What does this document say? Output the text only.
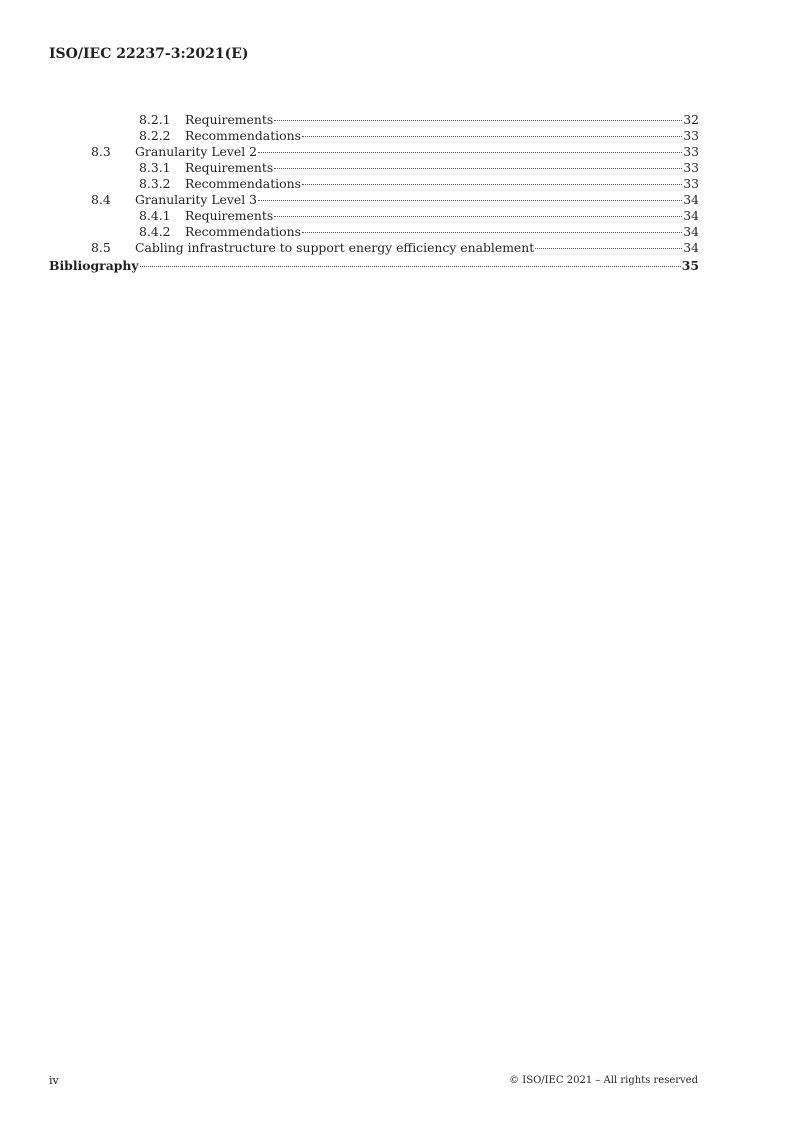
ISO/IEC 22237-3:2021(E)
8.2.1	Requirements	32
8.2.2	Recommendations	33
8.3	Granularity Level 2	33
8.3.1	Requirements	33
8.3.2	Recommendations	33
8.4	Granularity Level 3	34
8.4.1	Requirements	34
8.4.2	Recommendations	34
8.5	Cabling infrastructure to support energy efficiency enablement	34
Bibliography	35
iv	© ISO/IEC 2021 – All rights reserved
